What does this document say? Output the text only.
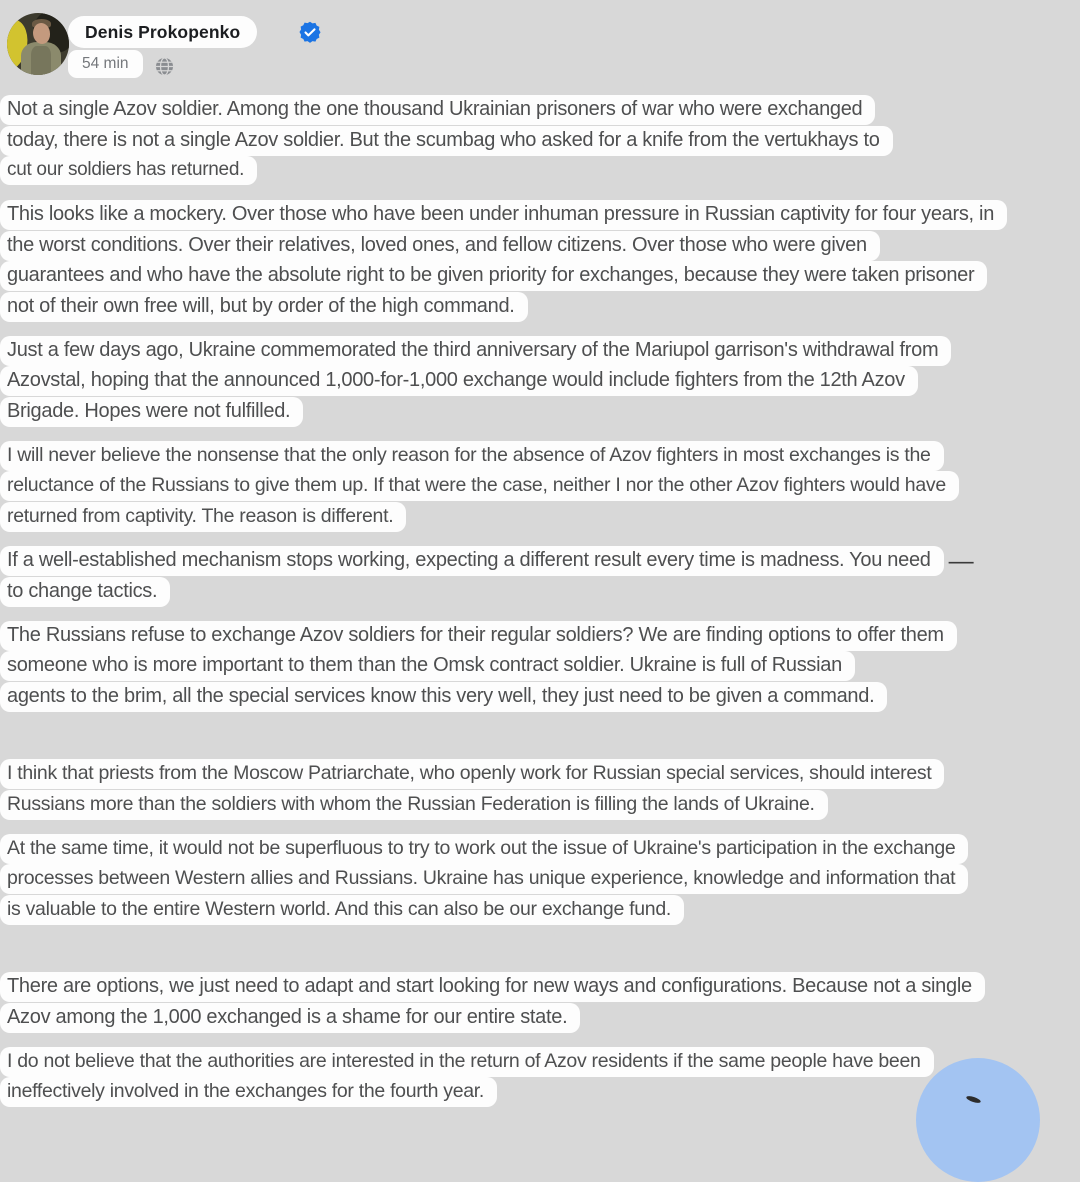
Denis Prokopenko
54 min
Not a single Azov soldier. Among the one thousand Ukrainian prisoners of war who were exchanged
today, there is not a single Azov soldier. But the scumbag who asked for a knife from the vertukhays to
cut our soldiers has returned.
This looks like a mockery. Over those who have been under inhuman pressure in Russian captivity for four years, in
the worst conditions. Over their relatives, loved ones, and fellow citizens. Over those who were given
guarantees and who have the absolute right to be given priority for exchanges, because they were taken prisoner
not of their own free will, but by order of the high command.
Just a few days ago, Ukraine commemorated the third anniversary of the Mariupol garrison's withdrawal from
Azovstal, hoping that the announced 1,000-for-1,000 exchange would include fighters from the 12th Azov
Brigade. Hopes were not fulfilled.
I will never believe the nonsense that the only reason for the absence of Azov fighters in most exchanges is the
reluctance of the Russians to give them up. If that were the case, neither I nor the other Azov fighters would have
returned from captivity. The reason is different.
If a well-established mechanism stops working, expecting a different result every time is madness. You need —
to change tactics.
The Russians refuse to exchange Azov soldiers for their regular soldiers? We are finding options to offer them
someone who is more important to them than the Omsk contract soldier. Ukraine is full of Russian
agents to the brim, all the special services know this very well, they just need to be given a command.
I think that priests from the Moscow Patriarchate, who openly work for Russian special services, should interest
Russians more than the soldiers with whom the Russian Federation is filling the lands of Ukraine.
At the same time, it would not be superfluous to try to work out the issue of Ukraine's participation in the exchange
processes between Western allies and Russians. Ukraine has unique experience, knowledge and information that
is valuable to the entire Western world. And this can also be our exchange fund.
There are options, we just need to adapt and start looking for new ways and configurations. Because not a single
Azov among the 1,000 exchanged is a shame for our entire state.
I do not believe that the authorities are interested in the return of Azov residents if the same people have been
ineffectively involved in the exchanges for the fourth year.
